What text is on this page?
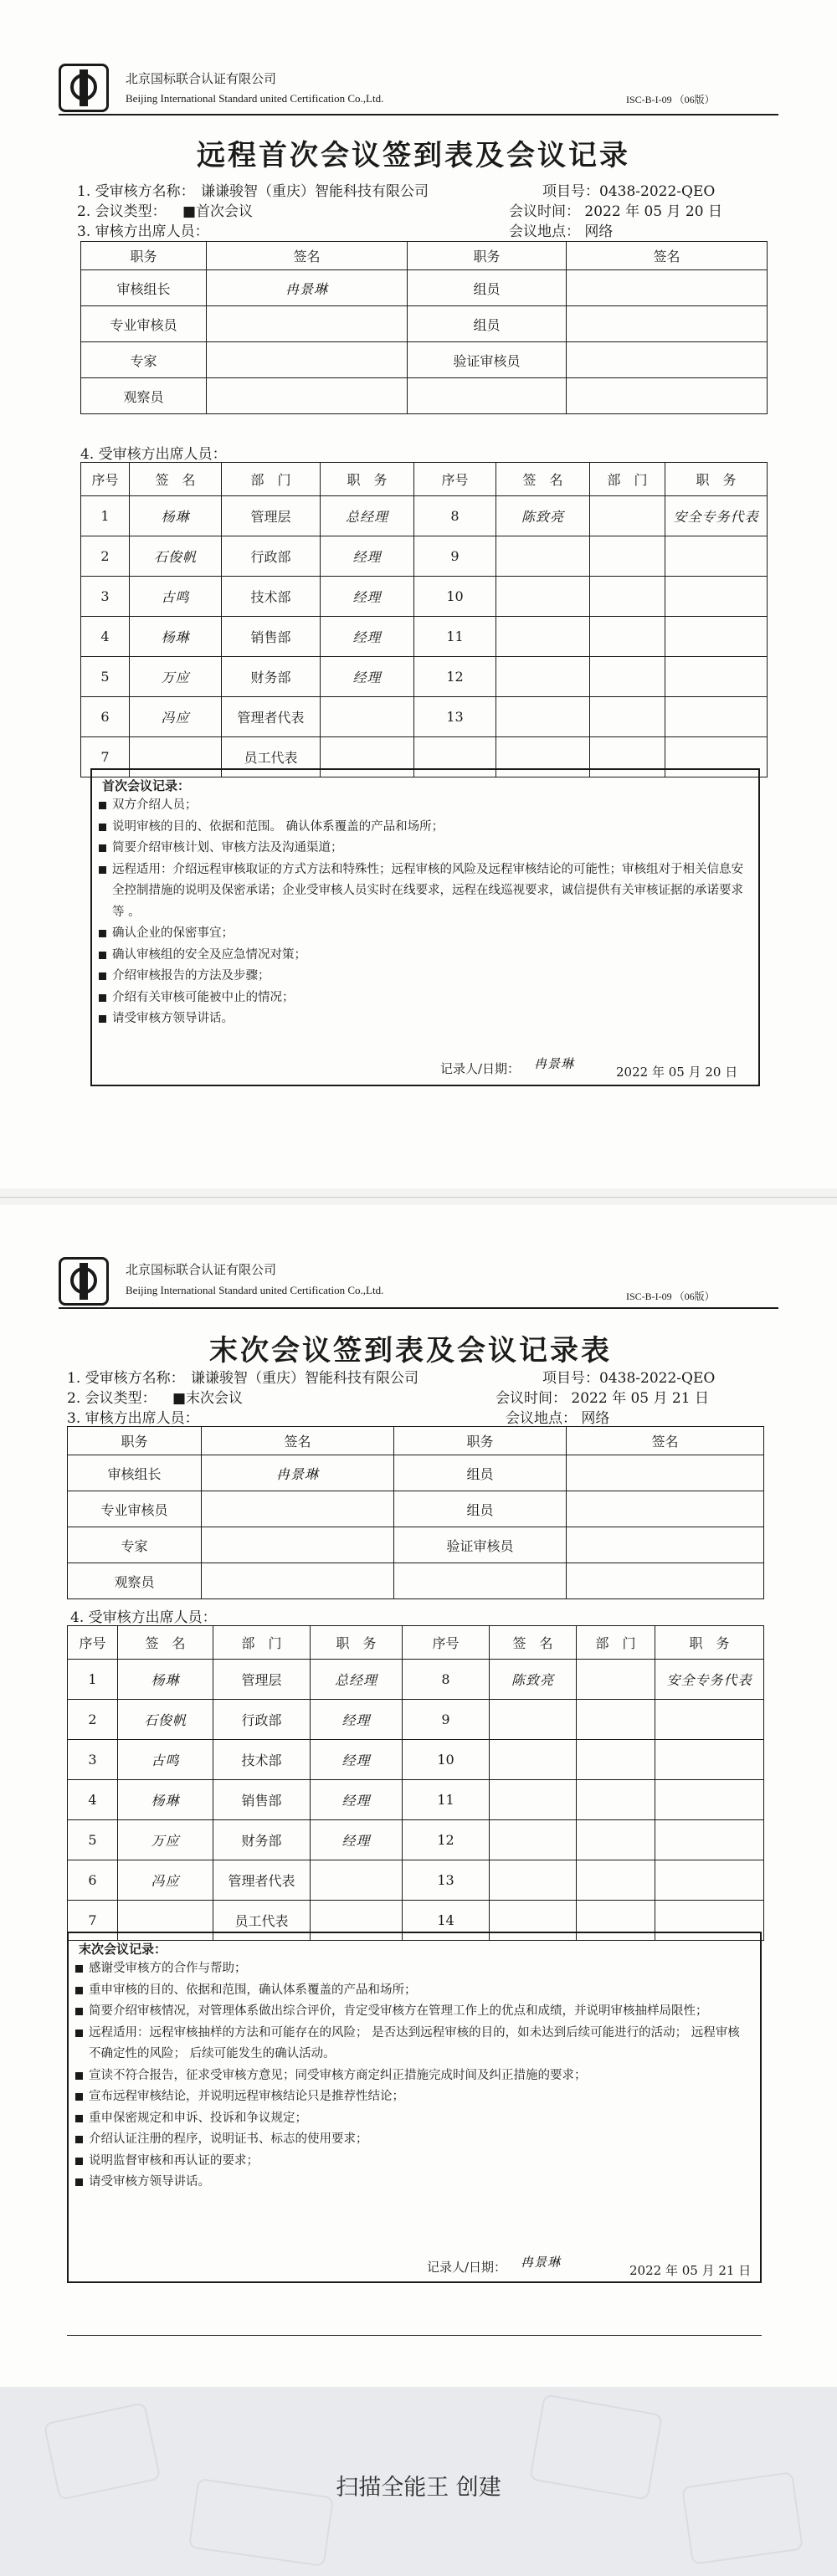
北京国标联合认证有限公司
Beijing International Standard united Certification Co.,Ltd.	ISC-B-I-09 （06版）
远程首次会议签到表及会议记录
1. 受审核方名称： 谦谦骏智（重庆）智能科技有限公司	项目号：0438-2022-QEO
2. 会议类型： ■首次会议	会议时间： 2022 年 05 月 20 日
3. 审核方出席人员：	会议地点： 网络
职务	签名	职务	签名
审核组长	冉景琳	组员	
专业审核员		组员	
专家		验证审核员	
观察员			
4. 受审核方出席人员：
序号	签　名	部　门	职　务	序号	签　名	部　门	职　务
1	杨琳	管理层	总经理	8	陈致亮		安全专务代表
2	石俊帆	行政部	经理	9			
3	古鸣	技术部	经理	10			
4	杨琳	销售部	经理	11			
5	万应	财务部	经理	12			
6	冯应	管理者代表		13			
7		员工代表					
首次会议记录：
双方介绍人员；
说明审核的目的、依据和范围。 确认体系覆盖的产品和场所；
简要介绍审核计划、审核方法及沟通渠道；
远程适用：介绍远程审核取证的方式方法和特殊性；远程审核的风险及远程审核结论的可能性；审核组对于相关信息安全控制措施的说明及保密承诺；企业受审核人员实时在线要求，远程在线巡视要求，诚信提供有关审核证据的承诺要求等 。
确认企业的保密事宜；
确认审核组的安全及应急情况对策；
介绍审核报告的方法及步骤；
介绍有关审核可能被中止的情况；
请受审核方领导讲话。
记录人/日期： 冉景琳
2022 年 05 月 20 日
北京国标联合认证有限公司
Beijing International Standard united Certification Co.,Ltd.	ISC-B-I-09 （06版）
末次会议签到表及会议记录表
1. 受审核方名称： 谦谦骏智（重庆）智能科技有限公司	项目号：0438-2022-QEO
2. 会议类型： ■末次会议	会议时间： 2022 年 05 月 21 日
3. 审核方出席人员：	会议地点： 网络
职务	签名	职务	签名
审核组长	冉景琳	组员	
专业审核员		组员	
专家		验证审核员	
观察员			
4. 受审核方出席人员：
序号	签　名	部　门	职　务	序号	签　名	部　门	职　务
1	杨琳	管理层	总经理	8	陈致亮		安全专务代表
2	石俊帆	行政部	经理	9			
3	古鸣	技术部	经理	10			
4	杨琳	销售部	经理	11			
5	万应	财务部	经理	12			
6	冯应	管理者代表		13			
7		员工代表		14			
末次会议记录：
感谢受审核方的合作与帮助；
重申审核的目的、依据和范围，确认体系覆盖的产品和场所；
简要介绍审核情况，对管理体系做出综合评价，肯定受审核方在管理工作上的优点和成绩，并说明审核抽样局限性；
远程适用：远程审核抽样的方法和可能存在的风险； 是否达到远程审核的目的，如未达到后续可能进行的活动； 远程审核不确定性的风险； 后续可能发生的确认活动。
宣读不符合报告，征求受审核方意见；同受审核方商定纠正措施完成时间及纠正措施的要求；
宣布远程审核结论，并说明远程审核结论只是推荐性结论；
重申保密规定和申诉、投诉和争议规定；
介绍认证注册的程序，说明证书、标志的使用要求；
说明监督审核和再认证的要求；
请受审核方领导讲话。
记录人/日期： 冉景琳
2022 年 05 月 21 日
扫描全能王 创建
